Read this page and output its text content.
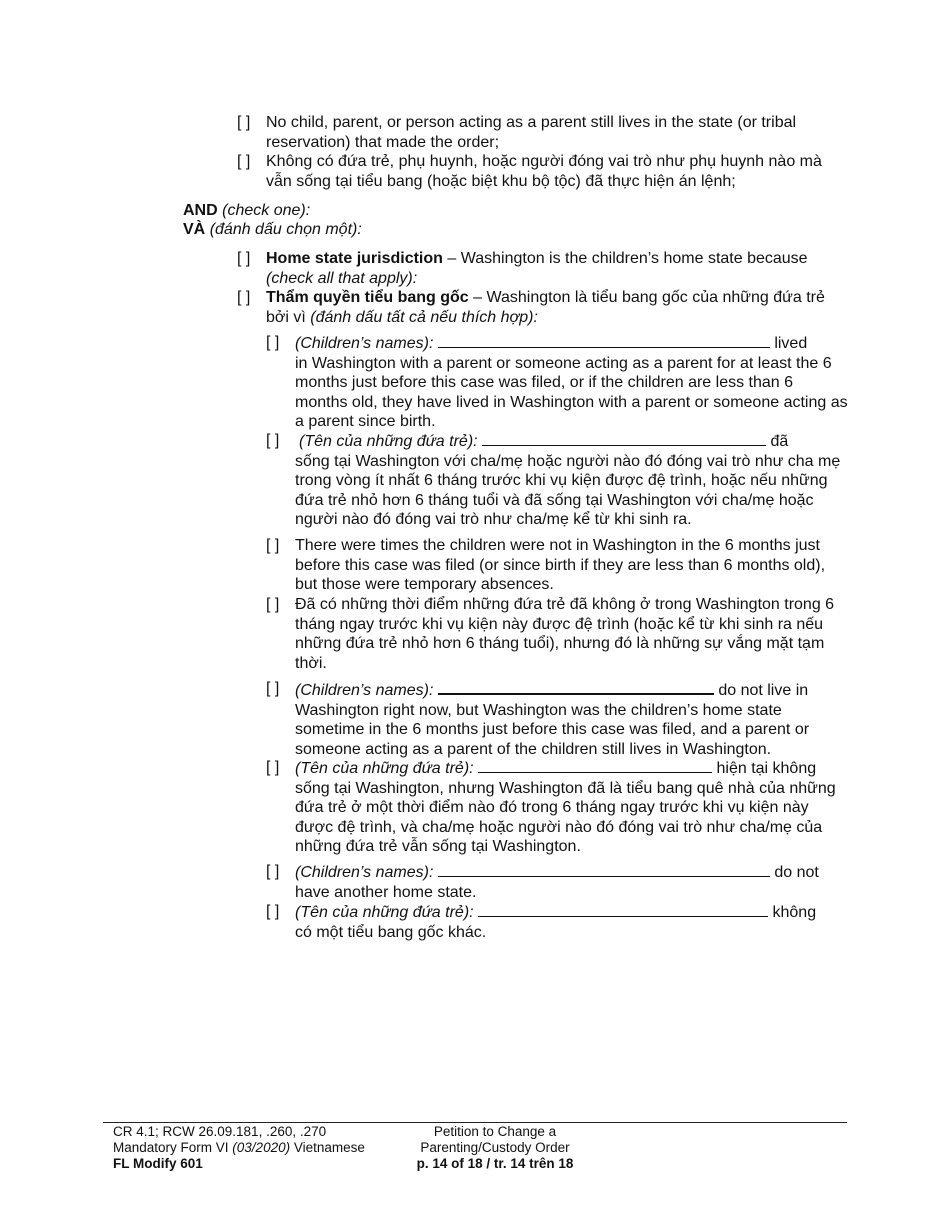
[ ] No child, parent, or person acting as a parent still lives in the state (or tribal reservation) that made the order;
[ ] Không có đứa trẻ, phụ huynh, hoặc người đóng vai trò như phụ huynh nào mà vẫn sống tại tiểu bang (hoặc biệt khu bộ tộc) đã thực hiện án lệnh;
AND (check one):
VÀ (đánh dấu chọn một):
[ ] Home state jurisdiction – Washington is the children’s home state because (check all that apply):
[ ] Thẩm quyền tiểu bang gốc – Washington là tiểu bang gốc của những đứa trẻ bởi vì (đánh dấu tất cả nếu thích hợp):
[ ] (Children’s names):	lived
in Washington with a parent or someone acting as a parent for at least the 6 months just before this case was filed, or if the children are less than 6 months old, they have lived in Washington with a parent or someone acting as a parent since birth.
[ ] (Tên của những đứa trẻ):	đã
sống tại Washington với cha/mẹ hoặc người nào đó đóng vai trò như cha mẹ trong vòng ít nhất 6 tháng trước khi vụ kiện được đệ trình, hoặc nếu những đứa trẻ nhỏ hơn 6 tháng tuổi và đã sống tại Washington với cha/mẹ hoặc người nào đó đóng vai trò như cha/mẹ kể từ khi sinh ra.
[ ] There were times the children were not in Washington in the 6 months just before this case was filed (or since birth if they are less than 6 months old), but those were temporary absences.
[ ] Đã có những thời điểm những đứa trẻ đã không ở trong Washington trong 6 tháng ngay trước khi vụ kiện này được đệ trình (hoặc kể từ khi sinh ra nếu những đứa trẻ nhỏ hơn 6 tháng tuổi), nhưng đó là những sự vắng mặt tạm thời.
[ ] (Children’s names):	do not live in
Washington right now, but Washington was the children’s home state sometime in the 6 months just before this case was filed, and a parent or someone acting as a parent of the children still lives in Washington.
[ ] (Tên của những đứa trẻ):	hiện tại không
sống tại Washington, nhưng Washington đã là tiểu bang quê nhà của những đứa trẻ ở một thời điểm nào đó trong 6 tháng ngay trước khi vụ kiện này được đệ trình, và cha/mẹ hoặc người nào đó đóng vai trò như cha/mẹ của những đứa trẻ vẫn sống tại Washington.
[ ] (Children’s names):	do not
have another home state.
[ ] (Tên của những đứa trẻ):	không
có một tiểu bang gốc khác.
CR 4.1; RCW 26.09.181, .260, .270
Mandatory Form VI (03/2020) Vietnamese
FL Modify 601
Petition to Change a
Parenting/Custody Order
p. 14 of 18 / tr. 14 trên 18
